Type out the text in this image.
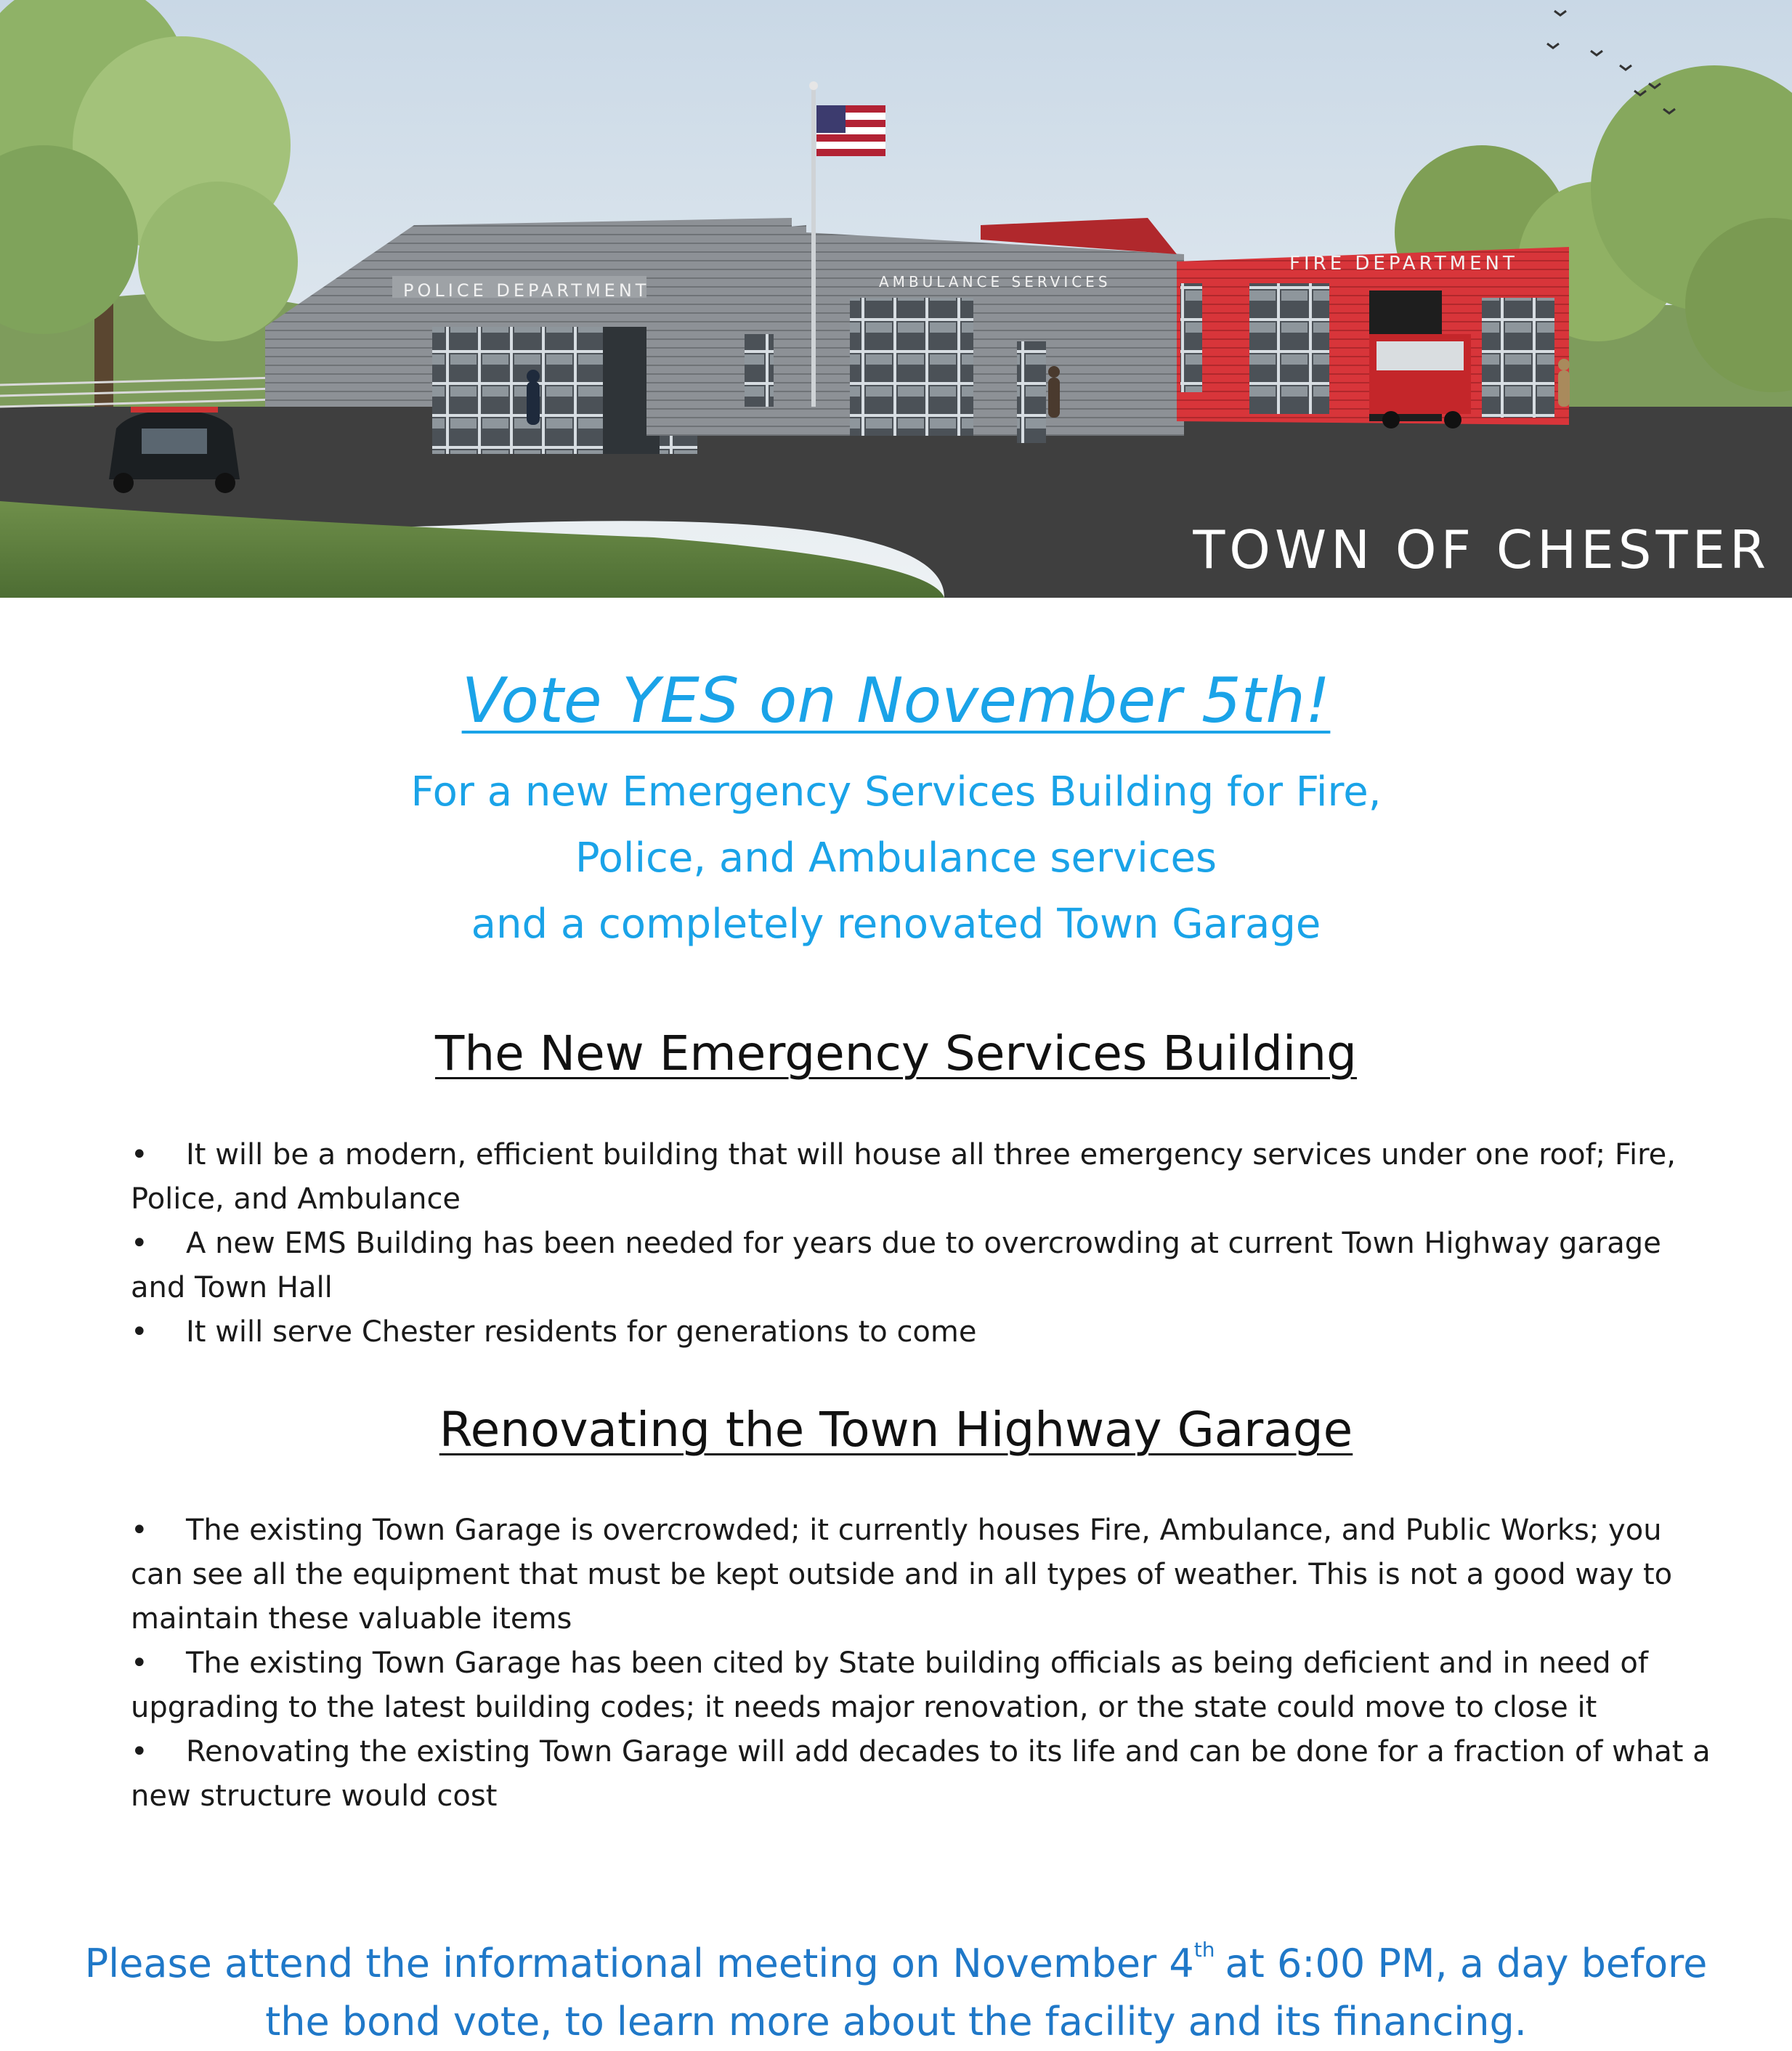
POLICE DEPARTMENT	AMBULANCE SERVICES
FIRE DEPARTMENT
TOWN OF CHESTER
Vote YES on November 5th!
For a new Emergency Services Building for Fire,
Police, and Ambulance services
and a completely renovated Town Garage
The New Emergency Services Building
• It will be a modern, efficient building that will house all three emergency services under one roof; Fire, Police, and Ambulance
• A new EMS Building has been needed for years due to overcrowding at current Town Highway garage and Town Hall
• It will serve Chester residents for generations to come
Renovating the Town Highway Garage
• The existing Town Garage is overcrowded; it currently houses Fire, Ambulance, and Public Works; you can see all the equipment that must be kept outside and in all types of weather. This is not a good way to maintain these valuable items
• The existing Town Garage has been cited by State building officials as being deficient and in need of upgrading to the latest building codes; it needs major renovation, or the state could move to close it
• Renovating the existing Town Garage will add decades to its life and can be done for a fraction of what a new structure would cost
Please attend the informational meeting on November 4th at 6:00 PM, a day before
the bond vote, to learn more about the facility and its financing.
